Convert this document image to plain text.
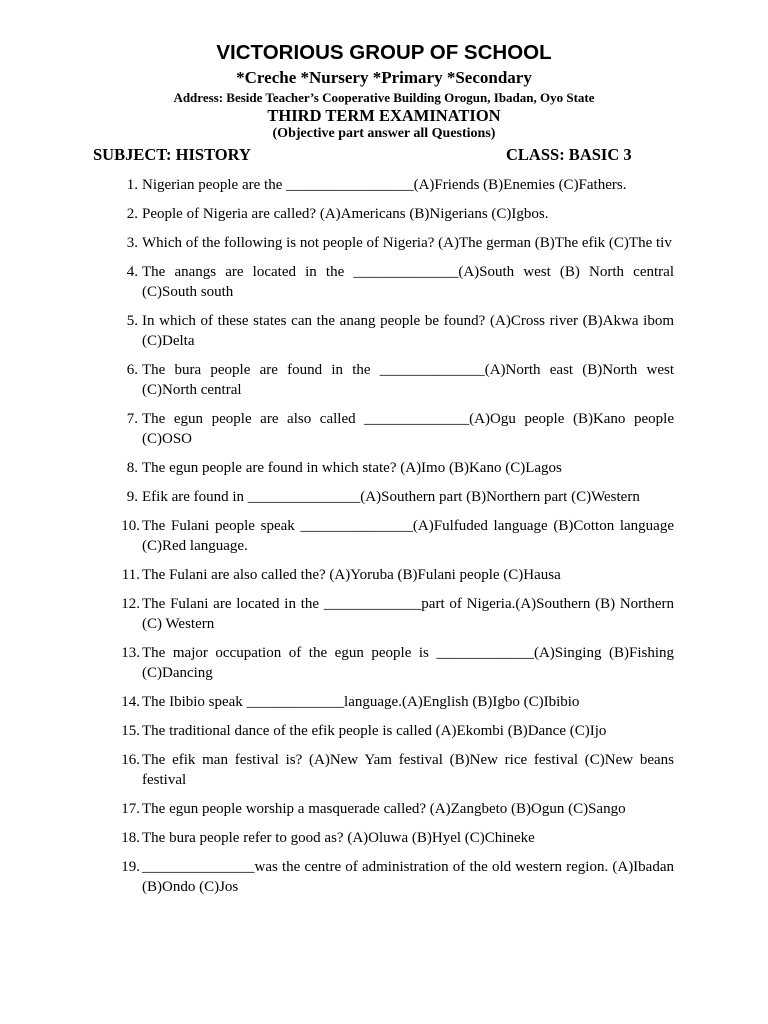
VICTORIOUS GROUP OF SCHOOL
*Creche *Nursery *Primary *Secondary
Address: Beside Teacher’s Cooperative Building Orogun, Ibadan, Oyo State
THIRD TERM EXAMINATION
(Objective part answer all Questions)
SUBJECT: HISTORY	CLASS: BASIC 3
1. Nigerian people are the _________________(A)Friends (B)Enemies (C)Fathers.
2. People of Nigeria are called? (A)Americans (B)Nigerians (C)Igbos.
3. Which of the following is not people of Nigeria? (A)The german (B)The efik (C)The tiv
4. The anangs are located in the ______________(A)South west (B) North central (C)South south
5. In which of these states can the anang people be found? (A)Cross river (B)Akwa ibom (C)Delta
6. The bura people are found in the ______________(A)North east (B)North west (C)North central
7. The egun people are also called ______________(A)Ogu people (B)Kano people (C)OSO
8. The egun people are found in which state? (A)Imo (B)Kano (C)Lagos
9. Efik are found in _______________(A)Southern part (B)Northern part (C)Western
10. The Fulani people speak _______________(A)Fulfuded language (B)Cotton language (C)Red language.
11. The Fulani are also called the? (A)Yoruba (B)Fulani people (C)Hausa
12. The Fulani are located in the _____________part of Nigeria.(A)Southern (B) Northern (C) Western
13. The major occupation of the egun people is _____________(A)Singing (B)Fishing (C)Dancing
14. The Ibibio speak _____________language.(A)English (B)Igbo (C)Ibibio
15. The traditional dance of the efik people is called (A)Ekombi (B)Dance (C)Ijo
16. The efik man festival is? (A)New Yam festival (B)New rice festival (C)New beans festival
17. The egun people worship a masquerade called? (A)Zangbeto (B)Ogun (C)Sango
18. The bura people refer to good as? (A)Oluwa (B)Hyel (C)Chineke
19. _______________was the centre of administration of the old western region. (A)Ibadan (B)Ondo (C)Jos
